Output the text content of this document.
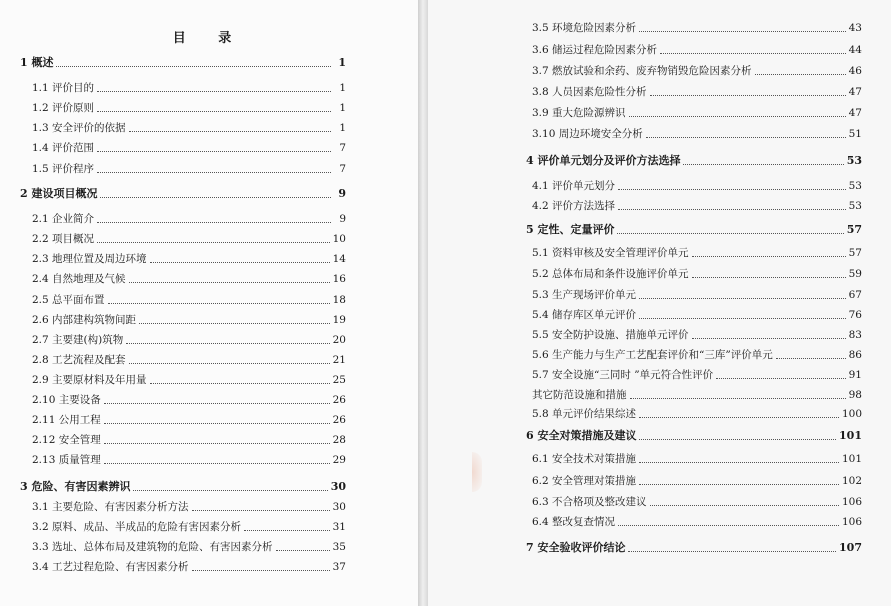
目 录
1 概述	1
1.1 评价目的	1
1.2 评价原则	1
1.3 安全评价的依据	1
1.4 评价范围	7
1.5 评价程序	7
2 建设项目概况	9
2.1 企业简介	9
2.2 项目概况	10
2.3 地理位置及周边环境	14
2.4 自然地理及气候	16
2.5 总平面布置	18
2.6 内部建构筑物间距	19
2.7 主要建(构)筑物	20
2.8 工艺流程及配套	21
2.9 主要原材料及年用量	25
2.10 主要设备	26
2.11 公用工程	26
2.12 安全管理	28
2.13 质量管理	29
3 危险、有害因素辨识	30
3.1 主要危险、有害因素分析方法	30
3.2 原料、成品、半成品的危险有害因素分析	31
3.3 选址、总体布局及建筑物的危险、有害因素分析	35
3.4 工艺过程危险、有害因素分析	37
3.5 环境危险因素分析	43
3.6 储运过程危险因素分析	44
3.7 燃放试验和余药、废弃物销毁危险因素分析	46
3.8 人员因素危险性分析	47
3.9 重大危险源辨识	47
3.10 周边环境安全分析	51
4 评价单元划分及评价方法选择	53
4.1 评价单元划分	53
4.2 评价方法选择	53
5 定性、定量评价	57
5.1 资料审核及安全管理评价单元	57
5.2 总体布局和条件设施评价单元	59
5.3 生产现场评价单元	67
5.4 储存库区单元评价	76
5.5 安全防护设施、措施单元评价	83
5.6 生产能力与生产工艺配套评价和“三库”评价单元	86
5.7 安全设施“三同时 ”单元符合性评价	91
其它防范设施和措施	98
5.8 单元评价结果综述	100
6 安全对策措施及建议	101
6.1 安全技术对策措施	101
6.2 安全管理对策措施	102
6.3 不合格项及整改建议	106
6.4 整改复查情况	106
7 安全验收评价结论	107
